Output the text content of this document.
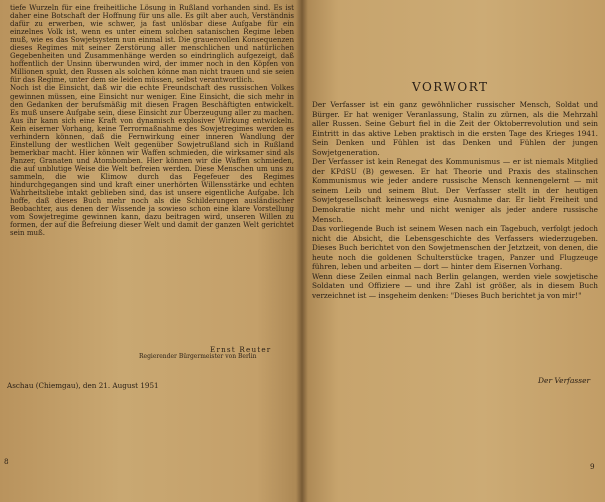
tiefe Wurzeln für eine freiheitliche Lösung in Rußland vorhanden sind. Es ist daher eine Botschaft der Hoffnung für uns alle. Es gilt aber auch, Verständnis dafür zu erwerben, wie schwer, ja fast unlösbar diese Aufgabe für ein einzelnes Volk ist, wenn es unter einem solchen satanischen Regime leben muß, wie es das Sowjetsystem nun einmal ist. Die grauenvollen Konsequenzen dieses Regimes mit seiner Zerstörung aller menschlichen und natürlichen Gegebenheiten und Zusammenhänge werden so eindringlich aufgezeigt, daß hoffentlich der Unsinn überwunden wird, der immer noch in den Köpfen von Millionen spukt, den Russen als solchen könne man nicht trauen und sie seien für das Regime, unter dem sie leiden müssen, selbst verantwortlich.

Noch ist die Einsicht, daß wir die echte Freundschaft des russischen Volkes gewinnen müssen, eine Einsicht nur weniger. Eine Einsicht, die sich mehr in den Gedanken der berufsmäßig mit diesen Fragen Beschäftigten entwickelt. Es muß unsere Aufgabe sein, diese Einsicht zur Überzeugung aller zu machen. Aus ihr kann sich eine Kraft von dynamisch explosiver Wirkung entwickeln. Kein eiserner Vorhang, keine Terrormaßnahme des Sowjetregimes werden es verhindern können, daß die Fernwirkung einer inneren Wandlung der Einstellung der westlichen Welt gegenüber Sowjetrußland sich in Rußland bemerkbar macht. Hier können wir Waffen schmieden, die wirksamer sind als Panzer, Granaten und Atombomben. Hier können wir die Waffen schmieden, die auf unblutige Weise die Welt befreien werden. Diese Menschen um uns zu sammeln, die wie Klimow durch das Fegefeuer des Regimes hindurchgegangen sind und kraft einer unerhörten Willensstärke und echten Wahrheitsliebe intakt geblieben sind, das ist unsere eigentliche Aufgabe. Ich hoffe, daß dieses Buch mehr noch als die Schilderungen ausländischer Beobachter, aus denen der Wissende ja sowieso schon eine klare Vorstellung vom Sowjetregime gewinnen kann, dazu beitragen wird, unseren Willen zu formen, der auf die Befreiung dieser Welt und damit der ganzen Welt gerichtet sein muß.

Ernst Reuter

Regierender Bürgermeister von Berlin

Aschau (Chiemgau), den 21. August 1951

8

VORWORT

Der Verfasser ist ein ganz gewöhnlicher russischer Mensch, Soldat und Bürger. Er hat weniger Veranlassung, Stalin zu zürnen, als die Mehrzahl aller Russen. Seine Geburt fiel in die Zeit der Oktoberrevolution und sein Eintritt in das aktive Leben praktisch in die ersten Tage des Krieges 1941. Sein Denken und Fühlen ist das Denken und Fühlen der jungen Sowjetgeneration.

Der Verfasser ist kein Renegat des Kommunismus — er ist niemals Mitglied der KPdSU (B) gewesen. Er hat Theorie und Praxis des stalinschen Kommunismus wie jeder andere russische Mensch kennengelernt — mit seinem Leib und seinem Blut. Der Verfasser stellt in der heutigen Sowjetgesellschaft keineswegs eine Ausnahme dar. Er liebt Freiheit und Demokratie nicht mehr und nicht weniger als jeder andere russische Mensch.

Das vorliegende Buch ist seinem Wesen nach ein Tagebuch, verfolgt jedoch nicht die Absicht, die Lebensgeschichte des Verfassers wiederzugeben. Dieses Buch berichtet von den Sowjetmenschen der Jetztzeit, von denen, die heute noch die goldenen Schulterstücke tragen, Panzer und Flugzeuge führen, leben und arbeiten — dort — hinter dem Eisernen Vorhang.

Wenn diese Zeilen einmal nach Berlin gelangen, werden viele sowjetische Soldaten und Offiziere — und ihre Zahl ist größer, als in diesem Buch verzeichnet ist — insgeheim denken: "Dieses Buch berichtet ja von mir!"

Der Verfasser

9
